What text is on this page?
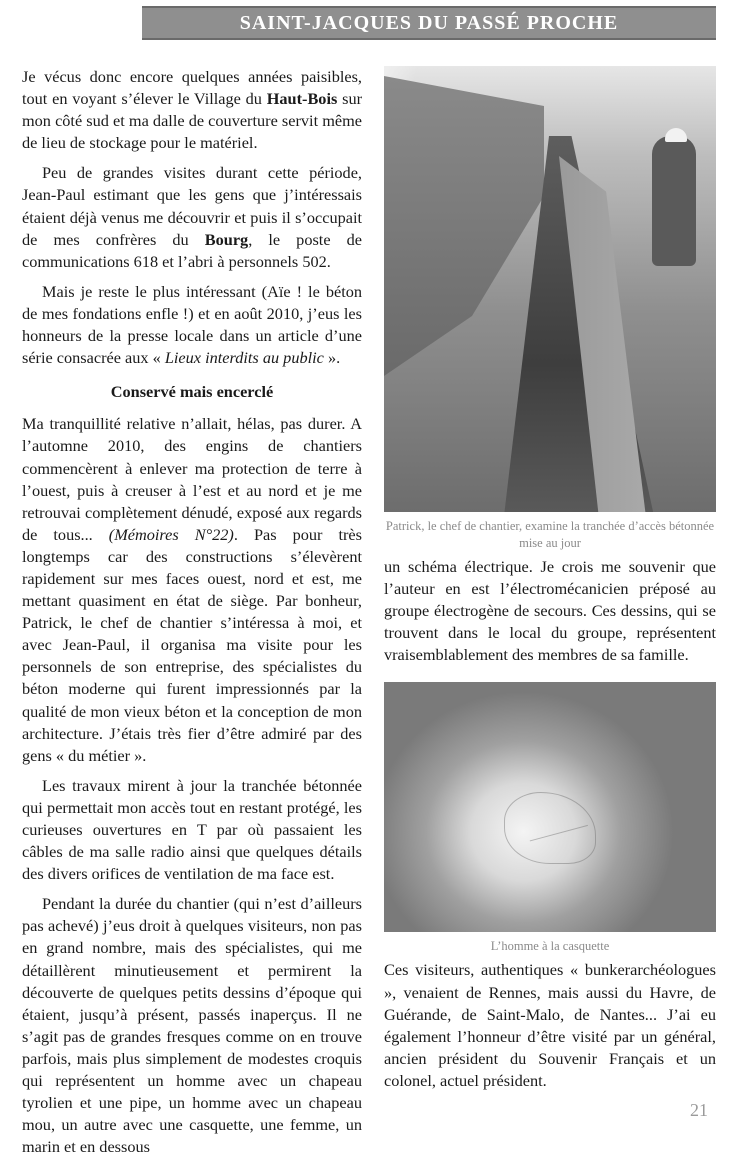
SAINT-JACQUES DU PASSÉ PROCHE

Je vécus donc encore quelques années paisibles, tout en voyant s’élever le Village du Haut-Bois sur mon côté sud et ma dalle de couverture servit même de lieu de stockage pour le matériel.

Peu de grandes visites durant cette période, Jean-Paul estimant que les gens que j’intéressais étaient déjà venus me découvrir et puis il s’occupait de mes confrères du Bourg, le poste de communications 618 et l’abri à personnels 502.

Mais je reste le plus intéressant (Aïe ! le béton de mes fondations enfle !) et en août 2010, j’eus les honneurs de la presse locale dans un article d’une série consacrée aux « Lieux interdits au public ».

Conservé mais encerclé

Ma tranquillité relative n’allait, hélas, pas durer. A l’automne 2010, des engins de chantiers commencèrent à enlever ma protection de terre à l’ouest, puis à creuser à l’est et au nord et je me retrouvai complètement dénudé, exposé aux regards de tous... (Mémoires N°22). Pas pour très longtemps car des constructions s’élevèrent rapidement sur mes faces ouest, nord et est, me mettant quasiment en état de siège. Par bonheur, Patrick, le chef de chantier s’intéressa à moi, et avec Jean-Paul, il organisa ma visite pour les personnels de son entreprise, des spécialistes du béton moderne qui furent impressionnés par la qualité de mon vieux béton et la conception de mon architecture. J’étais très fier d’être admiré par des gens « du métier ».

Les travaux mirent à jour la tranchée bétonnée qui permettait mon accès tout en restant protégé, les curieuses ouvertures en T par où passaient les câbles de ma salle radio ainsi que quelques détails des divers orifices de ventilation de ma face est.

Pendant la durée du chantier (qui n’est d’ailleurs pas achevé) j’eus droit à quelques visiteurs, non pas en grand nombre, mais des spécialistes, qui me détaillèrent minutieusement et permirent la découverte de quelques petits dessins d’époque qui étaient, jusqu’à présent, passés inaperçus. Il ne s’agit pas de grandes fresques comme on en trouve parfois, mais plus simplement de modestes croquis qui représentent un homme avec un chapeau tyrolien et une pipe, un homme avec un chapeau mou, un autre avec une casquette, une femme, un marin et en dessous

Patrick, le chef de chantier, examine la tranchée d’accès bétonnée mise au jour

un schéma électrique. Je crois me souvenir que l’auteur en est l’électromécanicien préposé au groupe électrogène de secours. Ces dessins, qui se trouvent dans le local du groupe, représentent vraisemblablement des membres de sa famille.

L’homme à la casquette

Ces visiteurs, authentiques « bunkerarchéologues », venaient de Rennes, mais aussi du Havre, de Guérande, de Saint-Malo, de Nantes... J’ai eu également l’honneur d’être visité par un général, ancien président du Souvenir Français et un colonel, actuel président.

21
